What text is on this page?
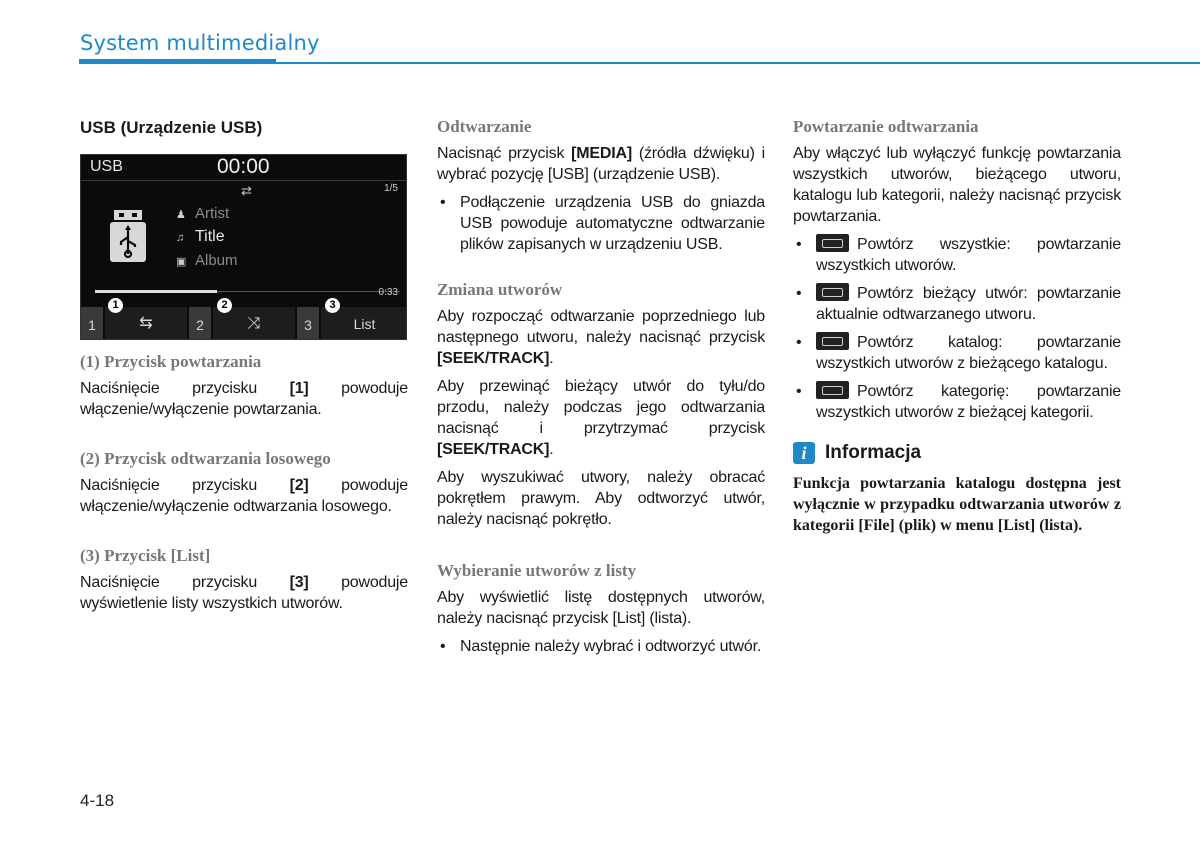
System multimedialny
USB (Urządzenie USB)
USB	00:00
⇄	1/5
♟ Artist
♫ Title
▣ Album
0:33
1	⇆	2	⤨	3	List
1	2	3
(1) Przycisk powtarzania
Naciśnięcie przycisku [1] powoduje włączenie/wyłączenie powtarzania.
(2) Przycisk odtwarzania losowego
Naciśnięcie przycisku [2] powoduje włączenie/wyłączenie odtwarzania losowego.
(3) Przycisk [List]
Naciśnięcie przycisku [3] powoduje wyświetlenie listy wszystkich utworów.
Odtwarzanie
Nacisnąć przycisk [MEDIA] (źródła dźwięku) i wybrać pozycję [USB] (urządzenie USB).
• Podłączenie urządzenia USB do gniazda USB powoduje automatyczne odtwarzanie plików zapisanych w urządzeniu USB.
Zmiana utworów
Aby rozpocząć odtwarzanie poprzedniego lub następnego utworu, należy nacisnąć przycisk [SEEK/TRACK].
Aby przewinąć bieżący utwór do tyłu/do przodu, należy podczas jego odtwarzania nacisnąć i przytrzymać przycisk [SEEK/TRACK].
Aby wyszukiwać utwory, należy obracać pokrętłem prawym. Aby odtworzyć utwór, należy nacisnąć pokrętło.
Wybieranie utworów z listy
Aby wyświetlić listę dostępnych utworów, należy nacisnąć przycisk [List] (lista).
• Następnie należy wybrać i odtworzyć utwór.
Powtarzanie odtwarzania
Aby włączyć lub wyłączyć funkcję powtarzania wszystkich utworów, bieżącego utworu, katalogu lub kategorii, należy nacisnąć przycisk powtarzania.
• Powtórz wszystkie: powtarzanie wszystkich utworów.
• Powtórz bieżący utwór: powtarzanie aktualnie odtwarzanego utworu.
• Powtórz katalog: powtarzanie wszystkich utworów z bieżącego katalogu.
• Powtórz kategorię: powtarzanie wszystkich utworów z bieżącej kategorii.
i Informacja
Funkcja powtarzania katalogu dostępna jest wyłącznie w przypadku odtwarzania utworów z kategorii [File] (plik) w menu [List] (lista).
4-18
